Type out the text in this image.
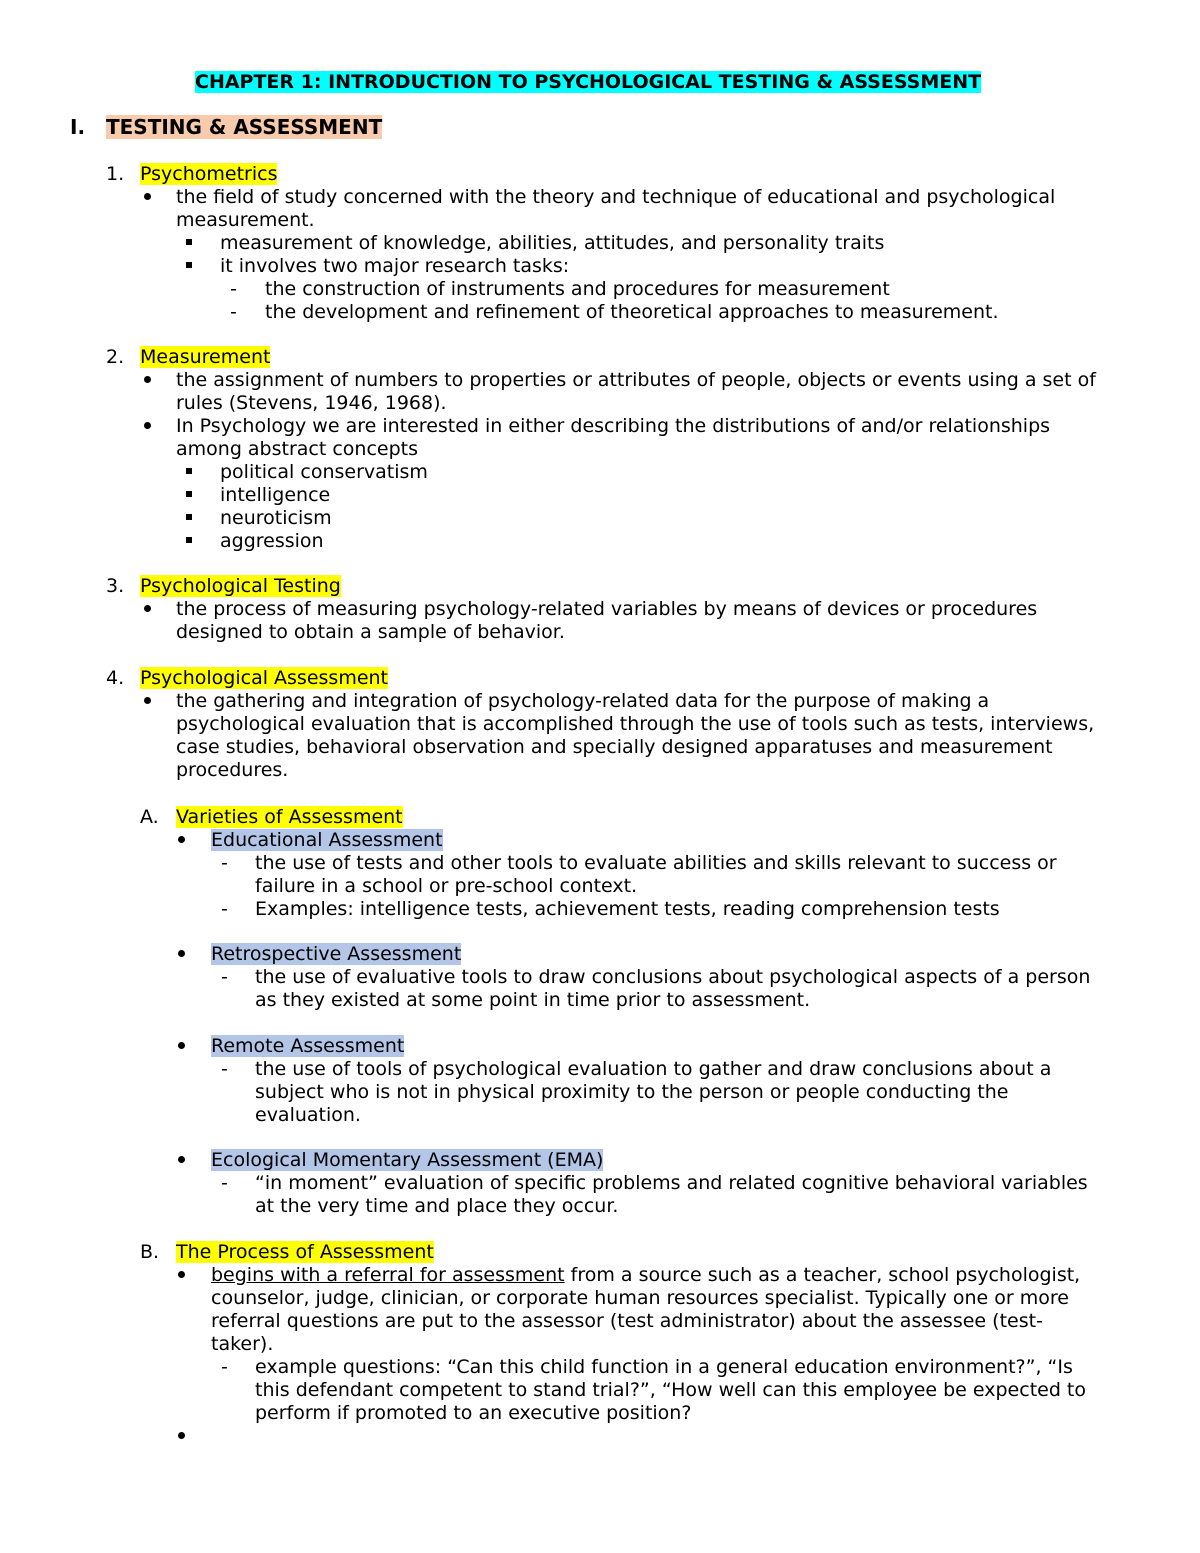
CHAPTER 1: INTRODUCTION TO PSYCHOLOGICAL TESTING & ASSESSMENT
I. TESTING & ASSESSMENT
1. Psychometrics
the field of study concerned with the theory and technique of educational and psychological
measurement.
measurement of knowledge, abilities, attitudes, and personality traits
it involves two major research tasks:
- the construction of instruments and procedures for measurement
- the development and refinement of theoretical approaches to measurement.
2. Measurement
the assignment of numbers to properties or attributes of people, objects or events using a set of
rules (Stevens, 1946, 1968).
In Psychology we are interested in either describing the distributions of and/or relationships
among abstract concepts
political conservatism
intelligence
neuroticism
aggression
3. Psychological Testing
the process of measuring psychology-related variables by means of devices or procedures
designed to obtain a sample of behavior.
4. Psychological Assessment
the gathering and integration of psychology-related data for the purpose of making a
psychological evaluation that is accomplished through the use of tools such as tests, interviews,
case studies, behavioral observation and specially designed apparatuses and measurement
procedures.
A. Varieties of Assessment
Educational Assessment
- the use of tests and other tools to evaluate abilities and skills relevant to success or
failure in a school or pre-school context.
- Examples: intelligence tests, achievement tests, reading comprehension tests
Retrospective Assessment
- the use of evaluative tools to draw conclusions about psychological aspects of a person
as they existed at some point in time prior to assessment.
Remote Assessment
- the use of tools of psychological evaluation to gather and draw conclusions about a
subject who is not in physical proximity to the person or people conducting the
evaluation.
Ecological Momentary Assessment (EMA)
- “in moment” evaluation of specific problems and related cognitive behavioral variables
at the very time and place they occur.
B. The Process of Assessment
begins with a referral for assessment from a source such as a teacher, school psychologist,
counselor, judge, clinician, or corporate human resources specialist. Typically one or more
referral questions are put to the assessor (test administrator) about the assessee (test-
taker).
- example questions: “Can this child function in a general education environment?”, “Is
this defendant competent to stand trial?”, “How well can this employee be expected to
perform if promoted to an executive position?
